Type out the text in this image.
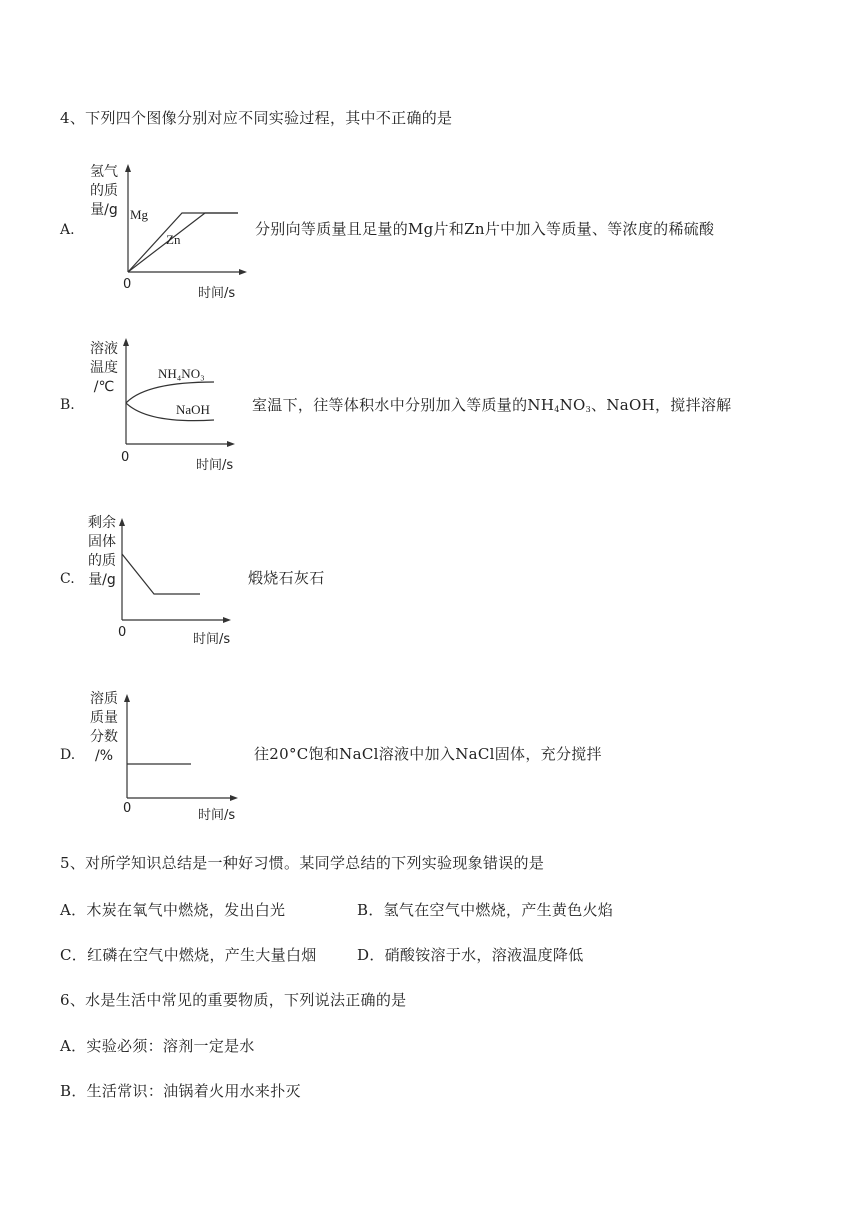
4、下列四个图像分别对应不同实验过程，其中不正确的是
A.
氢气
的质
量/g Mg
Zn
0
时间/s
分别向等质量且足量的Mg片和Zn片中加入等质量、等浓度的稀硫酸
B.
溶液
温度
/℃
NH₄NO₃
NaOH
0
时间/s
室温下，往等体积水中分别加入等质量的NH4NO3、NaOH，搅拌溶解
C.
剩余
固体
的质
量/g
0	时间/s
煅烧石灰石
D.
溶质
质量
分数
/%
0	时间/s
往20°C饱和NaCl溶液中加入NaCl固体，充分搅拌
5、对所学知识总结是一种好习惯。某同学总结的下列实验现象错误的是
A．木炭在氧气中燃烧，发出白光	B．氢气在空气中燃烧，产生黄色火焰
C．红磷在空气中燃烧，产生大量白烟	D．硝酸铵溶于水，溶液温度降低
6、水是生活中常见的重要物质，下列说法正确的是
A．实验必须：溶剂一定是水
B．生活常识：油锅着火用水来扑灭
